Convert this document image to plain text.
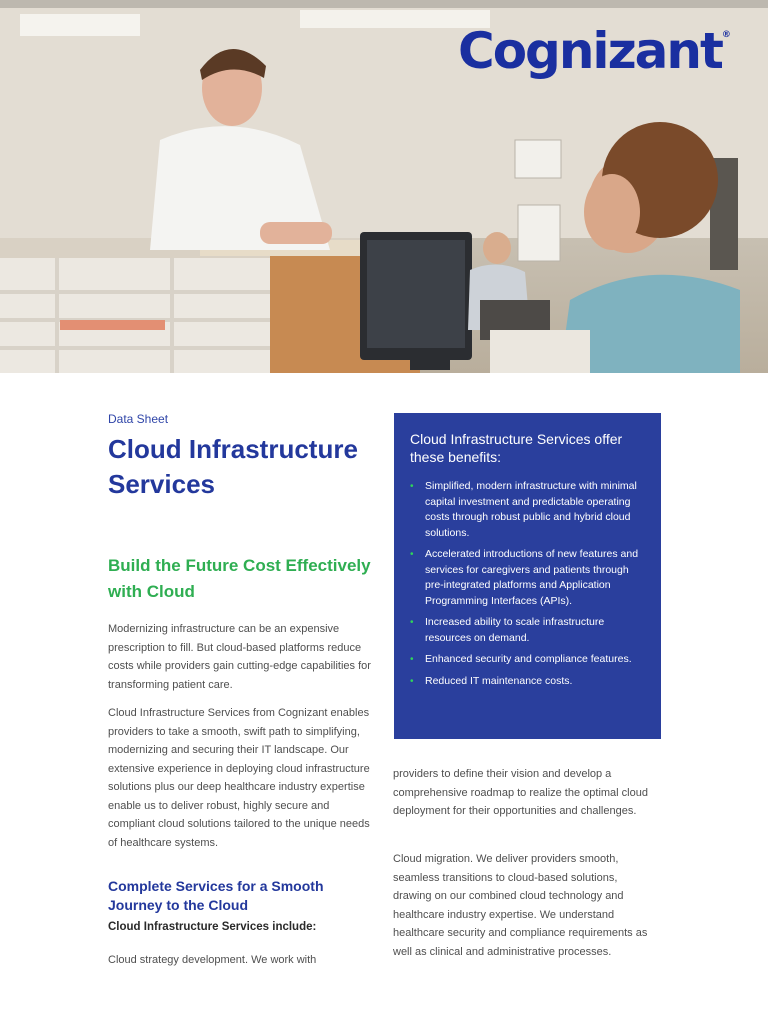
Cognizant®
Data Sheet
Cloud Infrastructure Services
Build the Future Cost Effectively with Cloud

Modernizing infrastructure can be an expensive prescription to fill. But cloud-based platforms reduce costs while providers gain cutting-edge capabilities for transforming patient care.

Cloud Infrastructure Services from Cognizant enables providers to take a smooth, swift path to simplifying, modernizing and securing their IT landscape. Our extensive experience in deploying cloud infrastructure solutions plus our deep healthcare industry expertise enable us to deliver robust, highly secure and compliant cloud solutions tailored to the unique needs of healthcare systems.

Complete Services for a Smooth Journey to the Cloud
Cloud Infrastructure Services include:

Cloud strategy development. We work with

Cloud Infrastructure Services offer these benefits:
• Simplified, modern infrastructure with minimal capital investment and predictable operating costs through robust public and hybrid cloud solutions.
• Accelerated introductions of new features and services for caregivers and patients through pre-integrated platforms and Application Programming Interfaces (APIs).
• Increased ability to scale infrastructure resources on demand.
• Enhanced security and compliance features.
• Reduced IT maintenance costs.

providers to define their vision and develop a comprehensive roadmap to realize the optimal cloud deployment for their opportunities and challenges.

Cloud migration. We deliver providers smooth, seamless transitions to cloud-based solutions, drawing on our combined cloud technology and healthcare industry expertise. We understand healthcare security and compliance requirements as well as clinical and administrative processes.
